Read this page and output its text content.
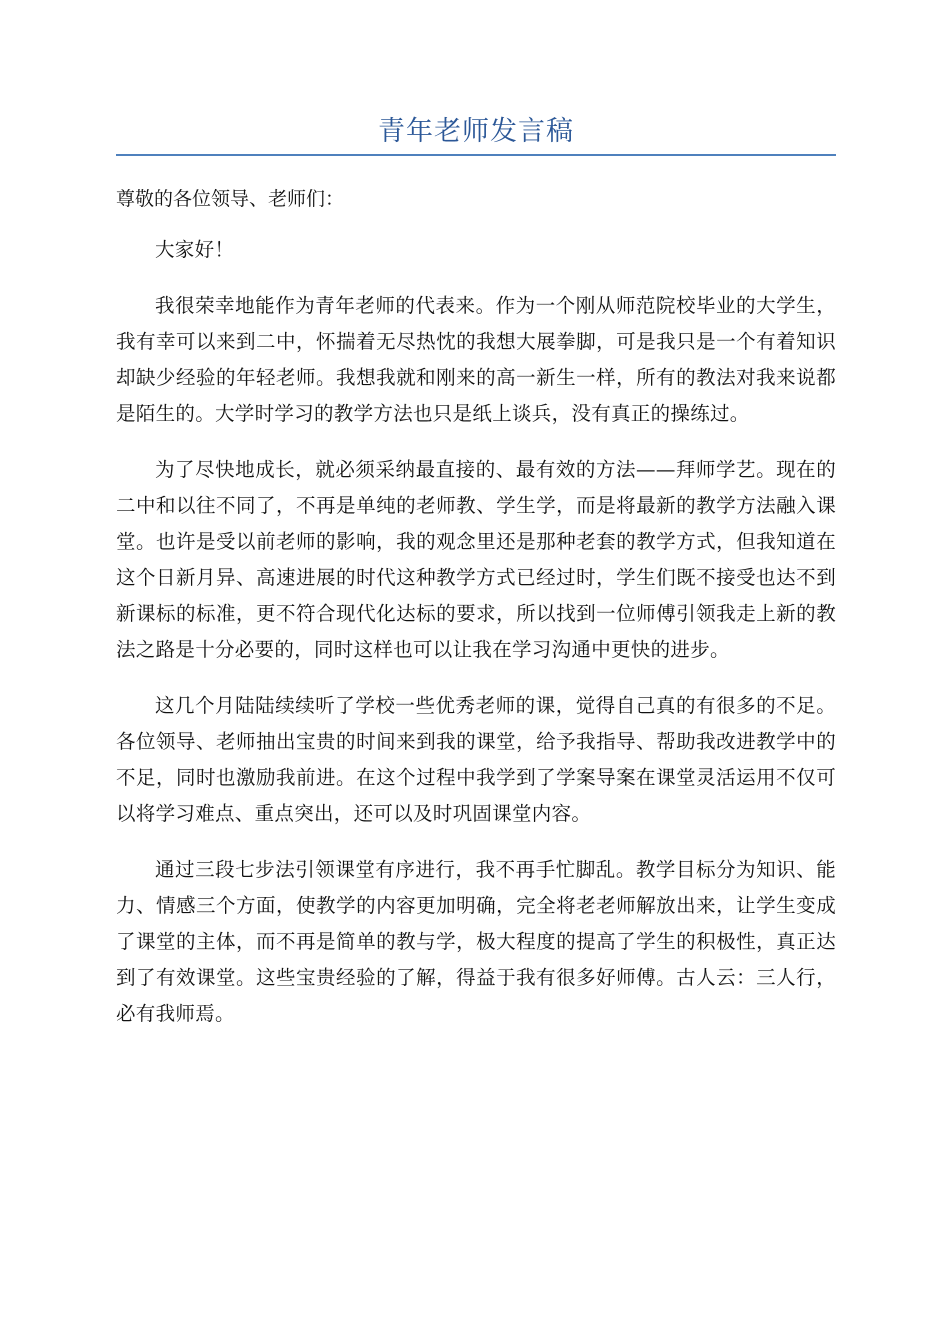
青年老师发言稿

尊敬的各位领导、老师们：

大家好！

我很荣幸地能作为青年老师的代表来。作为一个刚从师范院校毕业的大学生，我有幸可以来到二中，怀揣着无尽热忱的我想大展拳脚，可是我只是一个有着知识却缺少经验的年轻老师。我想我就和刚来的高一新生一样，所有的教法对我来说都是陌生的。大学时学习的教学方法也只是纸上谈兵，没有真正的操练过。

为了尽快地成长，就必须采纳最直接的、最有效的方法——拜师学艺。现在的二中和以往不同了，不再是单纯的老师教、学生学，而是将最新的教学方法融入课堂。也许是受以前老师的影响，我的观念里还是那种老套的教学方式，但我知道在这个日新月异、高速进展的时代这种教学方式已经过时，学生们既不接受也达不到新课标的标准，更不符合现代化达标的要求，所以找到一位师傅引领我走上新的教法之路是十分必要的，同时这样也可以让我在学习沟通中更快的进步。

这几个月陆陆续续听了学校一些优秀老师的课，觉得自己真的有很多的不足。各位领导、老师抽出宝贵的时间来到我的课堂，给予我指导、帮助我改进教学中的不足，同时也激励我前进。在这个过程中我学到了学案导案在课堂灵活运用不仅可以将学习难点、重点突出，还可以及时巩固课堂内容。

通过三段七步法引领课堂有序进行，我不再手忙脚乱。教学目标分为知识、能力、情感三个方面，使教学的内容更加明确，完全将老老师解放出来，让学生变成了课堂的主体，而不再是简单的教与学，极大程度的提高了学生的积极性，真正达到了有效课堂。这些宝贵经验的了解，得益于我有很多好师傅。古人云：三人行，必有我师焉。
